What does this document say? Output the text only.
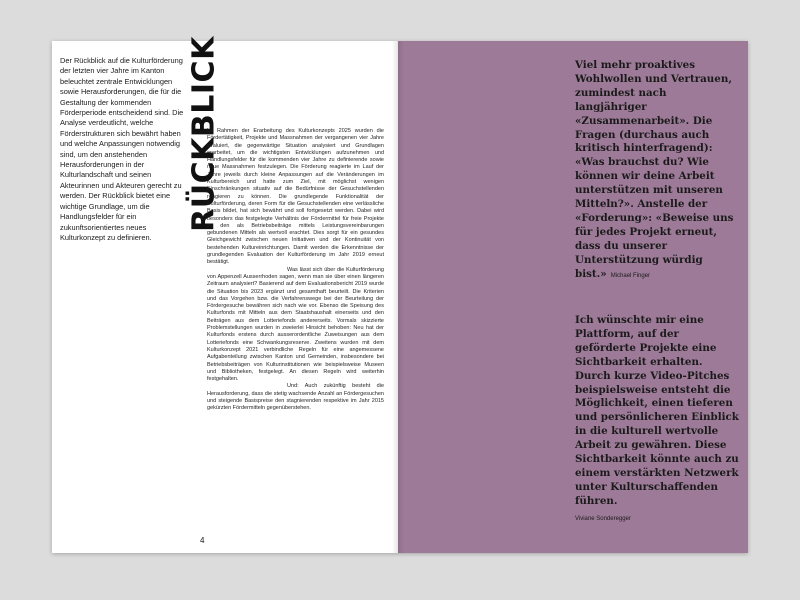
Der Rückblick auf die Kulturförderung der letzten vier Jahre im Kanton beleuchtet zentrale Entwicklungen sowie Herausforderungen, die für die Gestaltung der kommenden Förderperiode entscheidend sind. Die Analyse verdeutlicht, welche Förderstrukturen sich bewährt haben und welche Anpassungen notwendig sind, um den anstehenden Herausforderungen in der Kulturlandschaft und seinen Akteurinnen und Akteuren gerecht zu werden. Der Rückblick bietet eine wichtige Grundlage, um die Handlungsfelder für ein zukunftsorientiertes neues Kulturkonzept zu definieren.

RÜCKBLICK

Im Rahmen der Erarbeitung des Kulturkonzepts 2025 wurden die Fördertätigkeit, Projekte und Massnahmen der vergangenen vier Jahre evaluiert, die gegenwärtige Situation analysiert und Grundlagen erarbeitet, um die wichtigsten Entwicklungen aufzunehmen und Handlungsfelder für die kommenden vier Jahre zu definierende sowie neue Massnahmen festzulegen. Die Förderung reagierte im Lauf der Jahre jeweils durch kleine Anpassungen auf die Veränderungen im Kulturbereich und hatte zum Ziel, mit möglichst wenigen Einschränkungen situativ auf die Bedürfnisse der Gesuchstellenden reagieren zu können. Die grundlegende Funktionalität der Kulturförderung, deren Form für die Gesuchstellenden eine verlässliche Basis bildet, hat sich bewährt und soll fortgesetzt werden. Dabei wird besonders das festgelegte Verhältnis der Fördermittel für freie Projekte zu den als Betriebsbeiträge mittels Leistungsvereinbarungen gebundenen Mitteln als wertvoll erachtet. Dies sorgt für ein gesundes Gleichgewicht zwischen neuen Initiativen und der Kontinuität von bestehenden Kultureinrichtungen. Damit werden die Erkenntnisse der grundlegenden Evaluation der Kulturförderung im Jahr 2019 erneut bestätigt.

Was lässt sich über die Kulturförderung von Appenzell Ausserrhoden sagen, wenn man sie über einen längeren Zeitraum analysiert? Basierend auf dem Evaluationsbericht 2019 wurde die Situation bis 2023 ergänzt und gesamthaft beurteilt. Die Kriterien und das Vorgehen bzw. die Verfahrenswege bei der Beurteilung der Fördergesuche bewähren sich nach wie vor. Ebenso die Speisung des Kulturfonds mit Mitteln aus dem Staatshaushalt einerseits und den Beiträgen aus dem Lotteriefonds andererseits. Vormals skizzierte Problemstellungen wurden in zweierlei Hinsicht behoben: Neu hat der Kulturfonds erstens durch ausserordentliche Zuweisungen aus dem Lotteriefonds eine Schwankungsreserve. Zweitens wurden mit dem Kulturkonzept 2021 verbindliche Regeln für eine angemessene Aufgabenteilung zwischen Kanton und Gemeinden, insbesondere bei Betriebsbeiträgen von Kulturinstitutionen wie beispielsweise Museen und Bibliotheken, festgelegt. An diesen Regeln wird weiterhin festgehalten.

Und: Auch zukünftig besteht die Herausforderung, dass die stetig wachsende Anzahl an Fördergesuchen und steigende Basispreise den stagnierenden respektive im Jahr 2015 gekürzten Fördermitteln gegenüberstehen.

4

Viel mehr proaktives Wohlwollen und Vertrauen, zumindest nach langjähriger «Zusammenarbeit». Die Fragen (durchaus auch kritisch hinterfragend): «Was brauchst du? Wie können wir deine Arbeit unterstützen mit unseren Mitteln?». Anstelle der «Forderung»: «Beweise uns für jedes Projekt erneut, dass du unserer Unterstützung würdig bist.» Michael Finger

Ich wünschte mir eine Plattform, auf der geförderte Projekte eine Sichtbarkeit erhalten. Durch kurze Video-Pitches beispielsweise entsteht die Möglichkeit, einen tieferen und persönlicheren Einblick in die kulturell wertvolle Arbeit zu gewähren. Diese Sichtbarkeit könnte auch zu einem verstärkten Netzwerk unter Kulturschaffenden führen.
Viviane Sonderegger
